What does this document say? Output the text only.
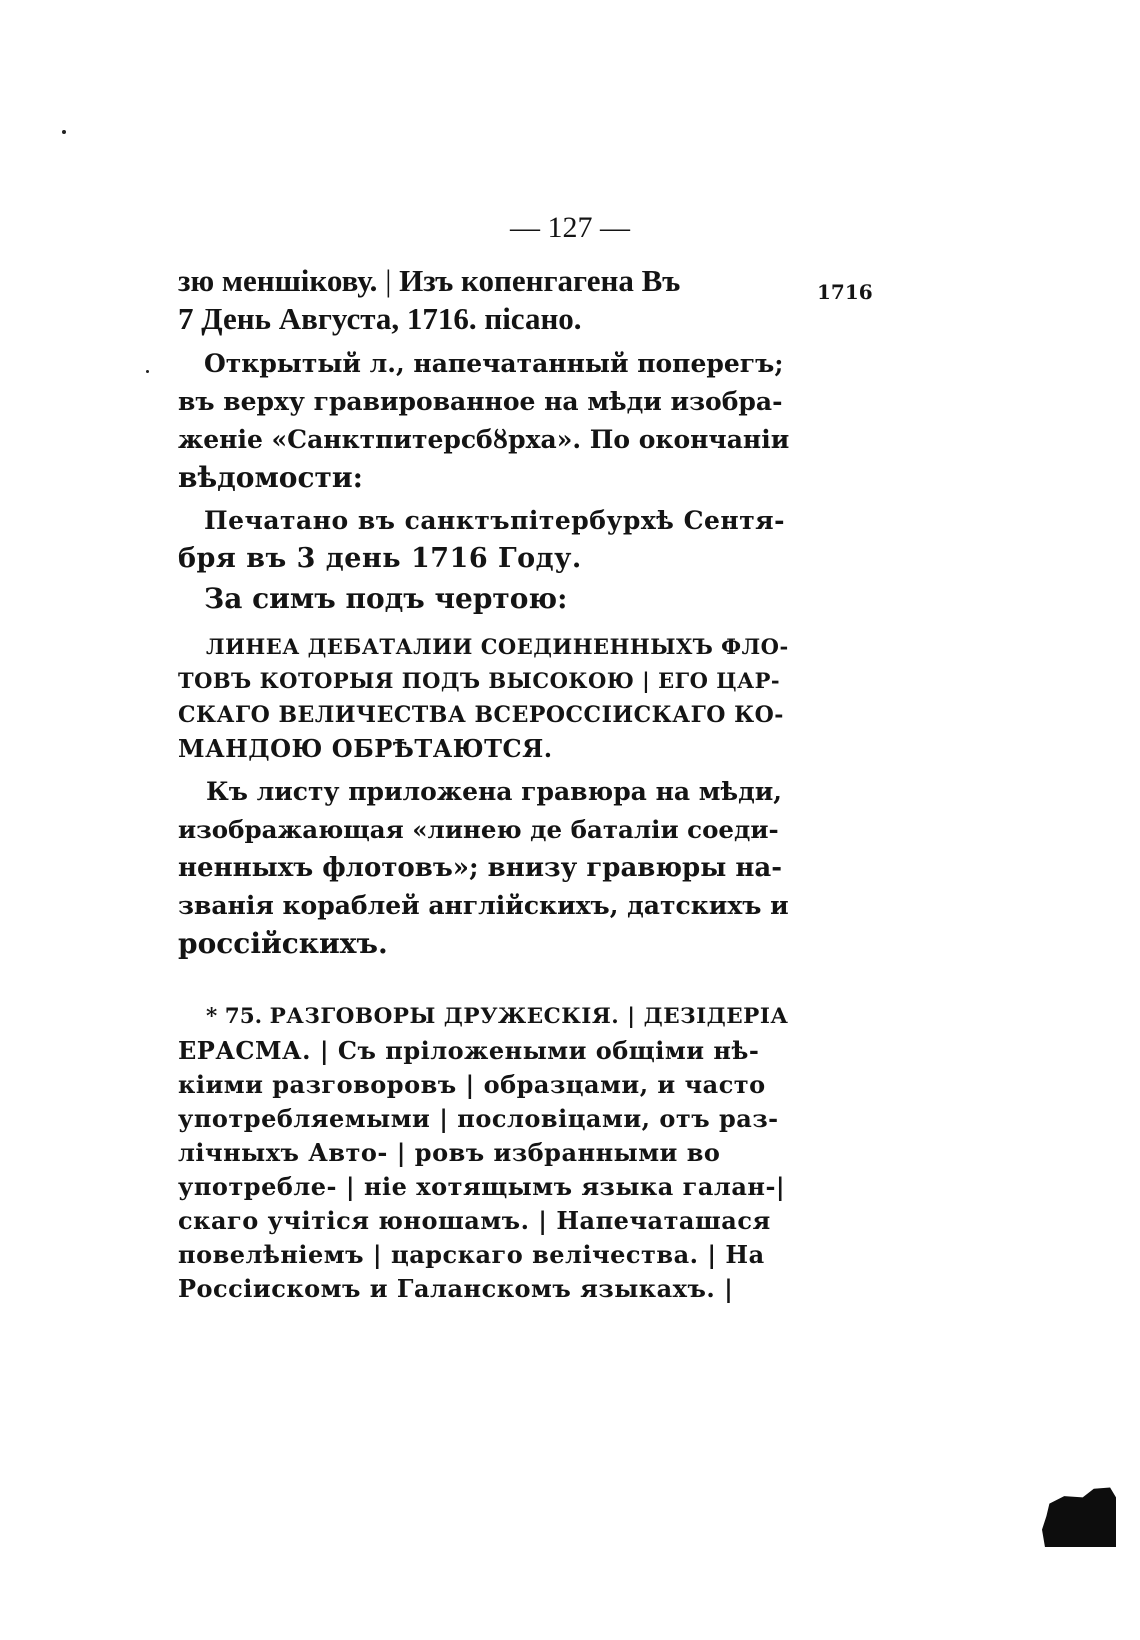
— 127 —
зю меншікову. | Изъ копенгагена Въ	1716
7 День Августа, 1716. пісано.
Открытый л., напечатанный поперегъ;
въ верху гравированное на мѣди изобра-
женіе «Санктпитерсбȣрха». По окончаніи
вѣдомости:
Печатано въ санктъпітербурхѣ Сентя-
бря въ 3 день 1716 Году.
За симъ подъ чертою:
ЛИНЕА ДЕБАТАЛИИ СОЕДИНЕННЫХЪ ФЛО-
ТОВЪ КОТОРЫЯ ПОДЪ ВЫСОКОЮ | ЕГО ЦАР-
СКАГО ВЕЛИЧЕСТВА ВСЕРОССІИСКАГО КО-
МАНДОЮ ОБРѢТАЮТСЯ.
Къ листу приложена гравюра на мѣди,
изображающая «линею де баталіи соеди-
ненныхъ флотовъ»; внизу гравюры на-
званія кораблей англійскихъ, датскихъ и
россійскихъ.
* 75. РАЗГОВОРЫ ДРУЖЕСКІЯ. | ДЕЗІДЕРІА
ЕРАСМА. | Съ пріложеными общіми нѣ-
кіими разговоровъ | образцами, и часто
употребляемыми | пословіцами, отъ раз-
лічныхъ Авто- | ровъ избранными во
употребле- | ніе хотящымъ языка галан-|
скаго учітіся юношамъ. | Напечаташася
повелѣніемъ | царскаго велічества. | На
Россіискомъ и Галанскомъ языкахъ. |
